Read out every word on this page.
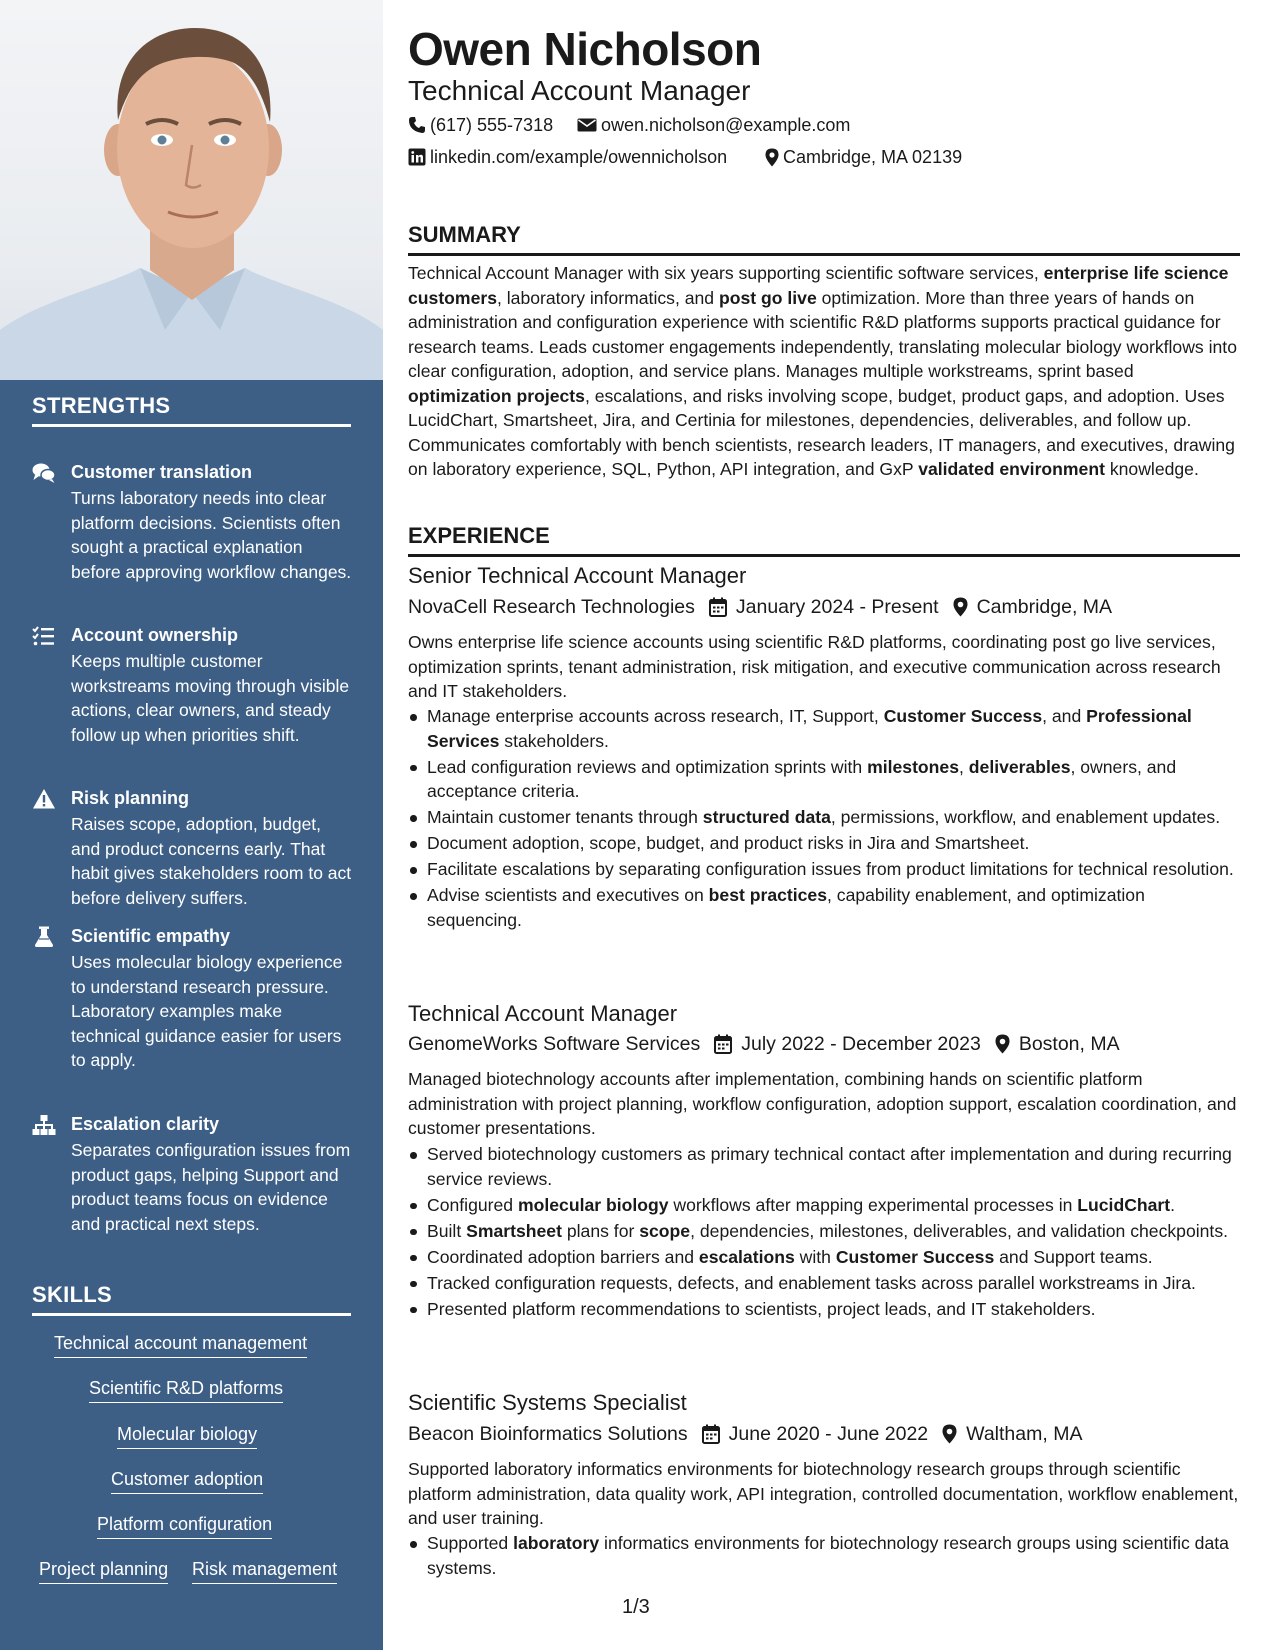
STRENGTHS
Customer translation
Turns laboratory needs into clear platform decisions. Scientists often sought a practical explanation before approving workflow changes.
Account ownership
Keeps multiple customer workstreams moving through visible actions, clear owners, and steady follow up when priorities shift.
Risk planning
Raises scope, adoption, budget, and product concerns early. That habit gives stakeholders room to act before delivery suffers.
Scientific empathy
Uses molecular biology experience to understand research pressure. Laboratory examples make technical guidance easier for users to apply.
Escalation clarity
Separates configuration issues from product gaps, helping Support and product teams focus on evidence and practical next steps.
SKILLS
Technical account management
Scientific R&D platforms
Molecular biology
Customer adoption
Platform configuration
Project planning Risk management
Owen Nicholson
Technical Account Manager
(617) 555-7318	owen.nicholson@example.com
linkedin.com/example/owennicholson	Cambridge, MA 02139
SUMMARY
Technical Account Manager with six years supporting scientific software services, enterprise life science customers, laboratory informatics, and post go live optimization. More than three years of hands on administration and configuration experience with scientific R&D platforms supports practical guidance for research teams. Leads customer engagements independently, translating molecular biology workflows into clear configuration, adoption, and service plans. Manages multiple workstreams, sprint based optimization projects, escalations, and risks involving scope, budget, product gaps, and adoption. Uses LucidChart, Smartsheet, Jira, and Certinia for milestones, dependencies, deliverables, and follow up. Communicates comfortably with bench scientists, research leaders, IT managers, and executives, drawing on laboratory experience, SQL, Python, API integration, and GxP validated environment knowledge.
EXPERIENCE
Senior Technical Account Manager
NovaCell Research Technologies January 2024 - Present Cambridge, MA
Owns enterprise life science accounts using scientific R&D platforms, coordinating post go live services, optimization sprints, tenant administration, risk mitigation, and executive communication across research and IT stakeholders.
Manage enterprise accounts across research, IT, Support, Customer Success, and Professional Services stakeholders.
Lead configuration reviews and optimization sprints with milestones, deliverables, owners, and acceptance criteria.
Maintain customer tenants through structured data, permissions, workflow, and enablement updates.
Document adoption, scope, budget, and product risks in Jira and Smartsheet.
Facilitate escalations by separating configuration issues from product limitations for technical resolution.
Advise scientists and executives on best practices, capability enablement, and optimization sequencing.
Technical Account Manager
GenomeWorks Software Services July 2022 - December 2023 Boston, MA
Managed biotechnology accounts after implementation, combining hands on scientific platform administration with project planning, workflow configuration, adoption support, escalation coordination, and customer presentations.
Served biotechnology customers as primary technical contact after implementation and during recurring service reviews.
Configured molecular biology workflows after mapping experimental processes in LucidChart.
Built Smartsheet plans for scope, dependencies, milestones, deliverables, and validation checkpoints.
Coordinated adoption barriers and escalations with Customer Success and Support teams.
Tracked configuration requests, defects, and enablement tasks across parallel workstreams in Jira.
Presented platform recommendations to scientists, project leads, and IT stakeholders.
Scientific Systems Specialist
Beacon Bioinformatics Solutions June 2020 - June 2022 Waltham, MA
Supported laboratory informatics environments for biotechnology research groups through scientific platform administration, data quality work, API integration, controlled documentation, workflow enablement, and user training.
Supported laboratory informatics environments for biotechnology research groups using scientific data systems.
1/3
